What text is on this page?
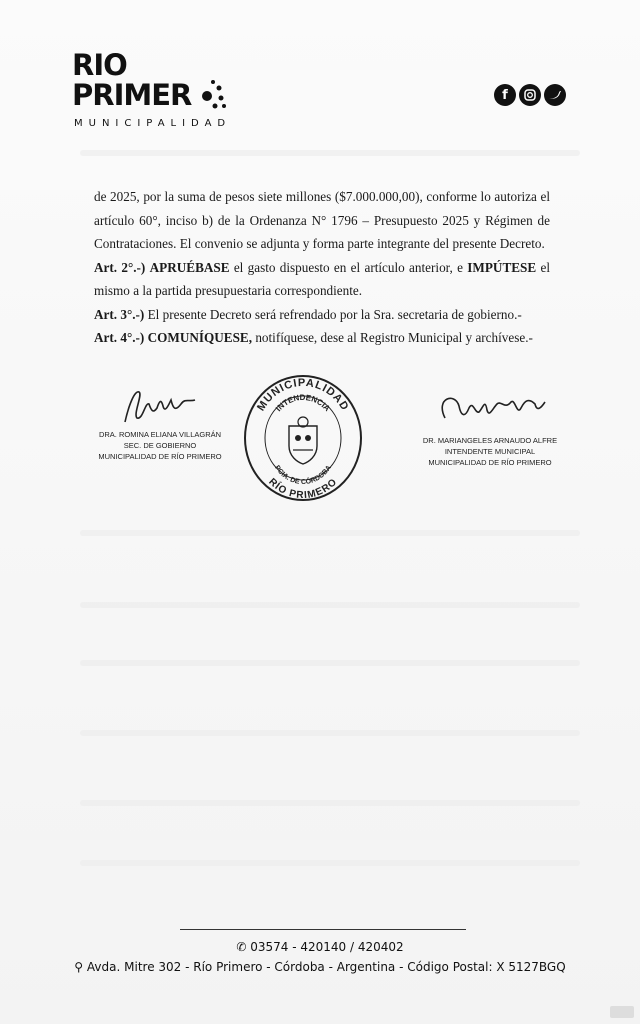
RIO
PRIMER
MUNICIPALIDAD
f

de 2025, por la suma de pesos siete millones ($7.000.000,00), conforme lo autoriza el artículo 60°, inciso b) de la Ordenanza N° 1796 – Presupuesto 2025 y Régimen de Contrataciones. El convenio se adjunta y forma parte integrante del presente Decreto.

Art. 2°.-) APRUÉBASE el gasto dispuesto en el artículo anterior, e IMPÚTESE el mismo a la partida presupuestaria correspondiente.

Art. 3°.-) El presente Decreto será refrendado por la Sra. secretaria de gobierno.-

Art. 4°.-) COMUNÍQUESE, notifíquese, dese al Registro Municipal y archívese.-

DRA. ROMINA ELIANA VILLAGRÁN
SEC. DE GOBIERNO
MUNICIPALIDAD DE RÍO PRIMERO
MUNICIPALIDAD
INTENDENCIA
PCIA. DE CÓRDOBA
RÍO PRIMERO
DR. MARIANGELES ARNAUDO ALFRE
INTENDENTE MUNICIPAL
MUNICIPALIDAD DE RÍO PRIMERO
✆ 03574 - 420140 / 420402
⚲ Avda. Mitre 302 - Río Primero - Córdoba - Argentina - Código Postal: X 5127BGQ
